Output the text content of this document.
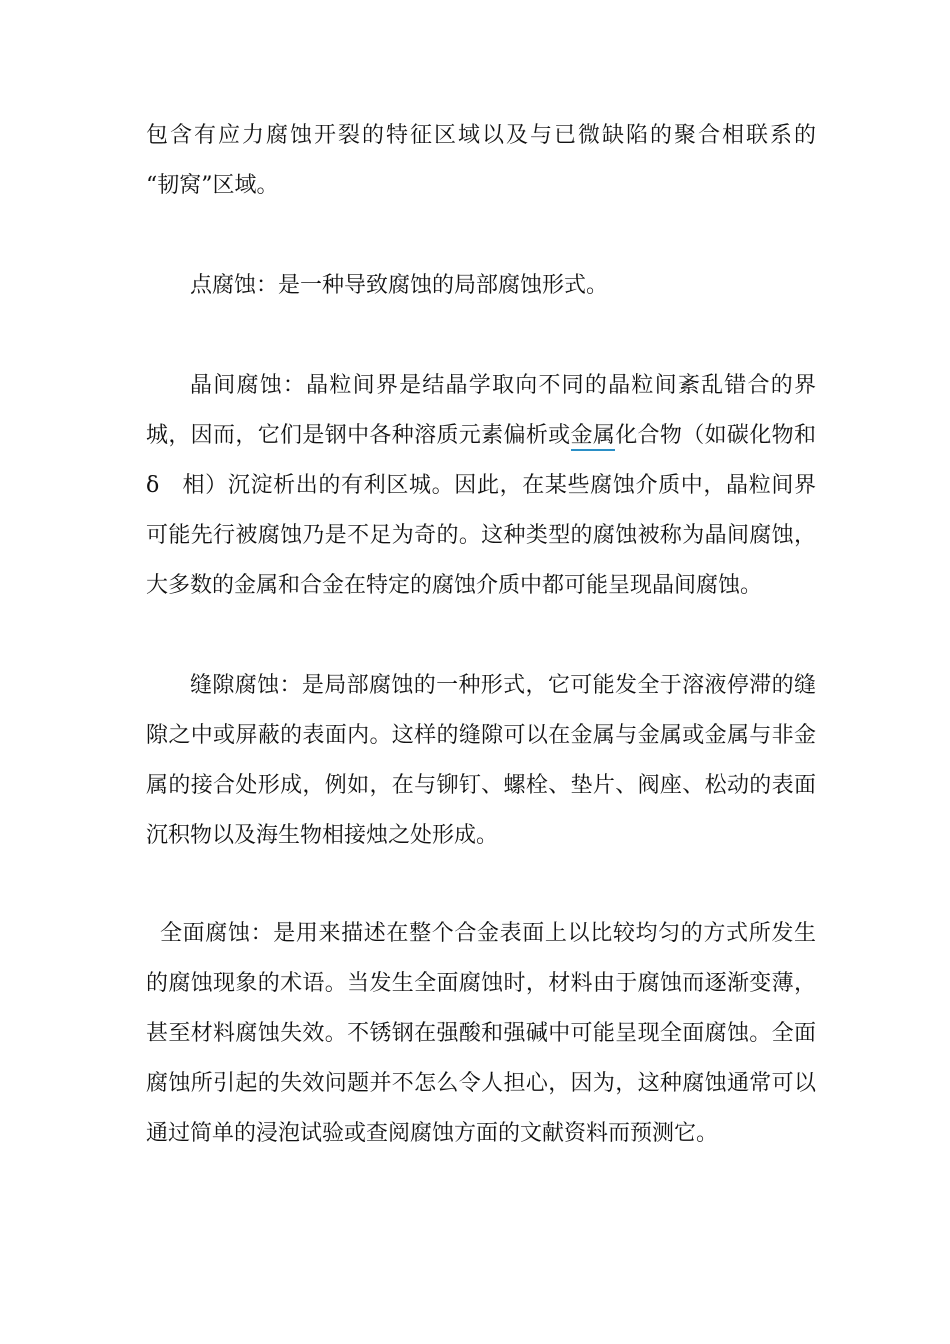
包含有应力腐蚀开裂的特征区域以及与已微缺陷的聚合相联系的
“韧窝”区域。
点腐蚀：是一种导致腐蚀的局部腐蚀形式。
晶间腐蚀：晶粒间界是结晶学取向不同的晶粒间紊乱错合的界
城，因而，它们是钢中各种溶质元素偏析或金属化合物（如碳化物和
δ　相）沉淀析出的有利区城。因此，在某些腐蚀介质中，晶粒间界
可能先行被腐蚀乃是不足为奇的。这种类型的腐蚀被称为晶间腐蚀，
大多数的金属和合金在特定的腐蚀介质中都可能呈现晶间腐蚀。
缝隙腐蚀：是局部腐蚀的一种形式，它可能发全于溶液停滞的缝
隙之中或屏蔽的表面内。这样的缝隙可以在金属与金属或金属与非金
属的接合处形成，例如，在与铆钉、螺栓、垫片、阀座、松动的表面
沉积物以及海生物相接烛之处形成。
全面腐蚀：是用来描述在整个合金表面上以比较均匀的方式所发生
的腐蚀现象的术语。当发生全面腐蚀时，材料由于腐蚀而逐渐变薄，
甚至材料腐蚀失效。不锈钢在强酸和强碱中可能呈现全面腐蚀。全面
腐蚀所引起的失效问题并不怎么令人担心，因为，这种腐蚀通常可以
通过简单的浸泡试验或查阅腐蚀方面的文献资料而预测它。
